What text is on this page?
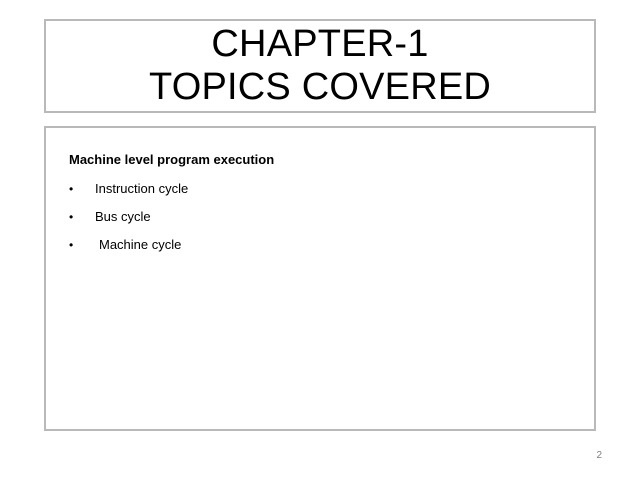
CHAPTER-1
TOPICS COVERED
Machine level program execution
•	Instruction cycle
•	Bus cycle
•	Machine cycle
2
